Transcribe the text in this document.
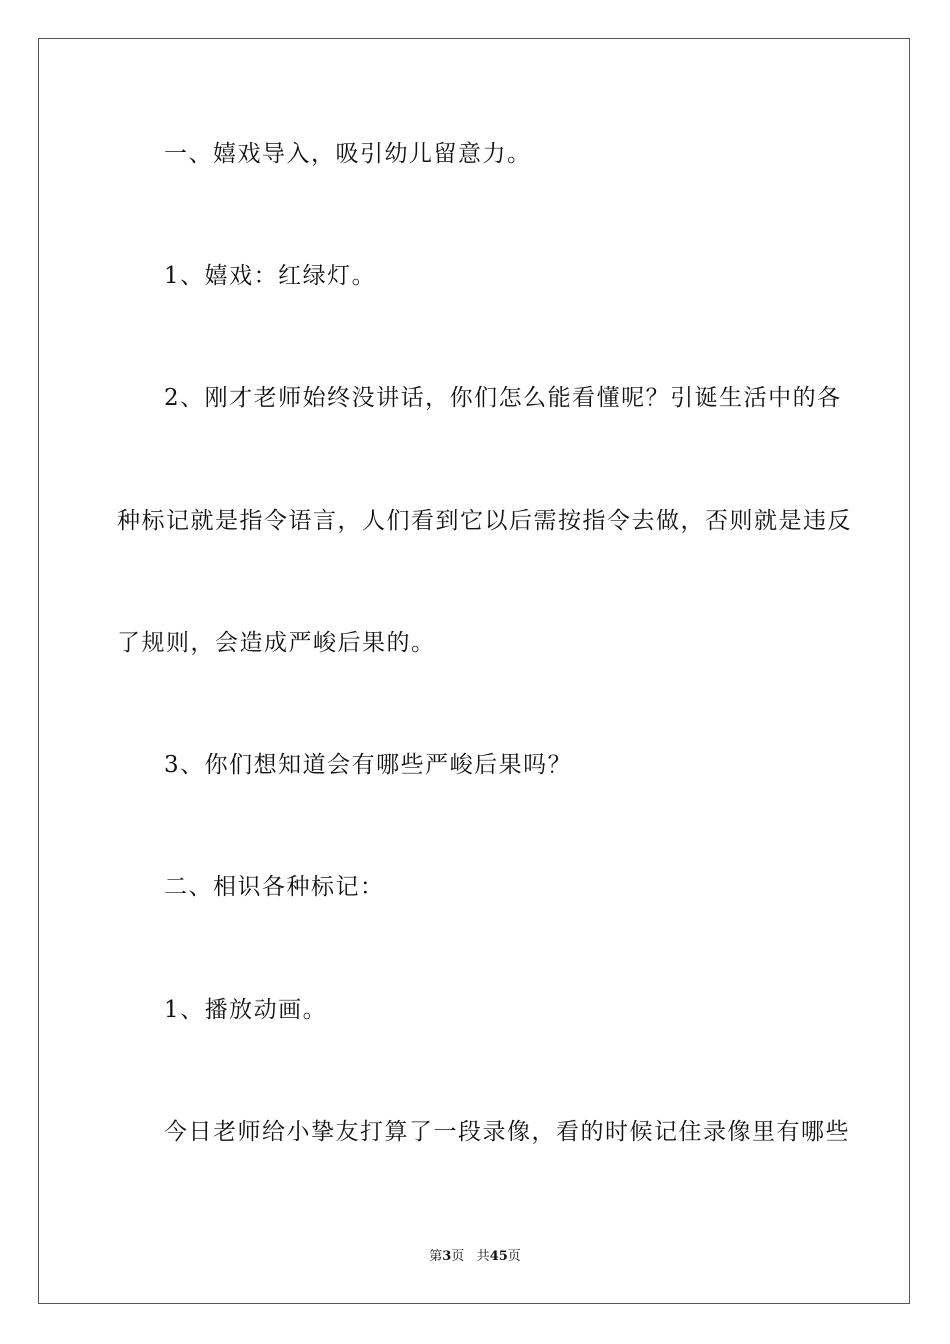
一、嬉戏导入，吸引幼儿留意力。

1、嬉戏：红绿灯。

2、刚才老师始终没讲话，你们怎么能看懂呢？引诞生活中的各

种标记就是指令语言，人们看到它以后需按指令去做，否则就是违反

了规则，会造成严峻后果的。

3、你们想知道会有哪些严峻后果吗？

二、相识各种标记：

1、播放动画。

今日老师给小挚友打算了一段录像，看的时候记住录像里有哪些

第3页 共45页
